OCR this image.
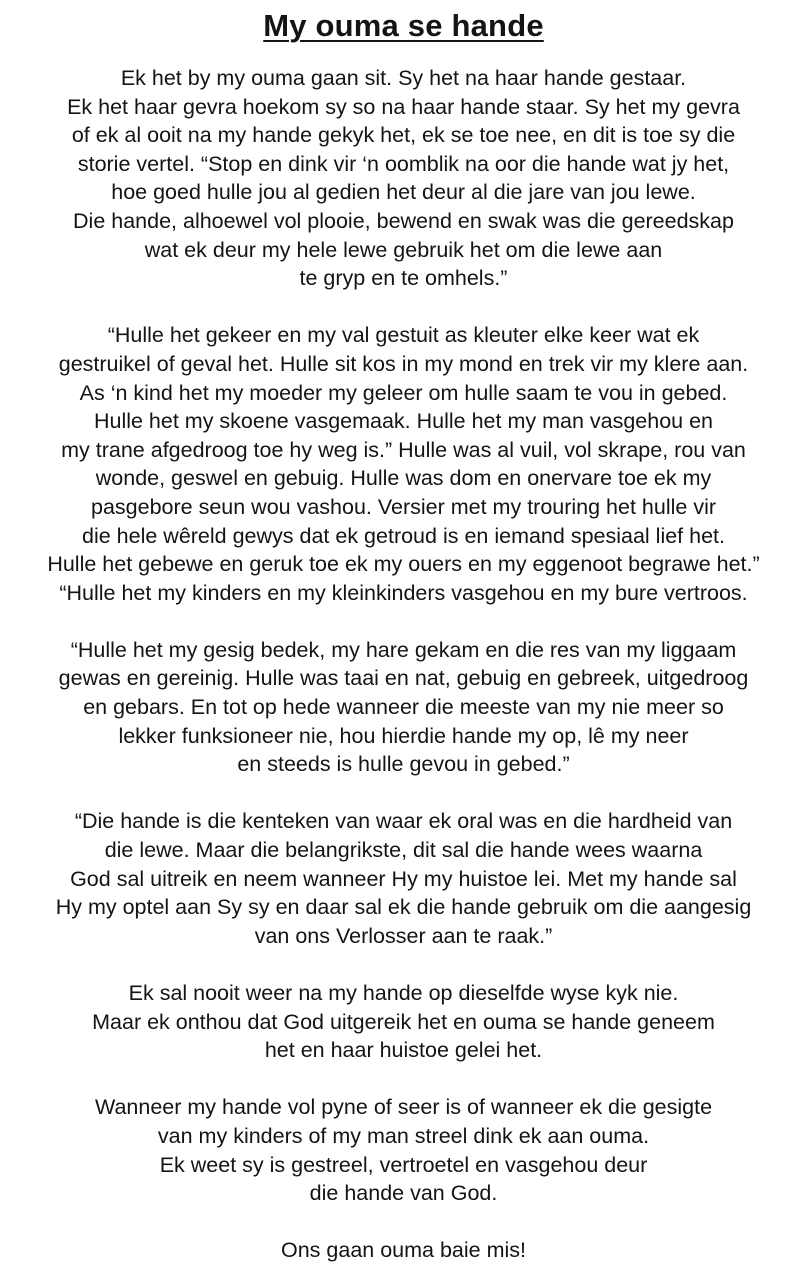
My ouma se hande

Ek het by my ouma gaan sit. Sy het na haar hande gestaar.
Ek het haar gevra hoekom sy so na haar hande staar. Sy het my gevra
of ek al ooit na my hande gekyk het, ek se toe nee, en dit is toe sy die
storie vertel. “Stop en dink vir ‘n oomblik na oor die hande wat jy het,
hoe goed hulle jou al gedien het deur al die jare van jou lewe.
Die hande, alhoewel vol plooie, bewend en swak was die gereedskap
wat ek deur my hele lewe gebruik het om die lewe aan
te gryp en te omhels.”

“Hulle het gekeer en my val gestuit as kleuter elke keer wat ek
gestruikel of geval het. Hulle sit kos in my mond en trek vir my klere aan.
As ‘n kind het my moeder my geleer om hulle saam te vou in gebed.
Hulle het my skoene vasgemaak. Hulle het my man vasgehou en
my trane afgedroog toe hy weg is.” Hulle was al vuil, vol skrape, rou van
wonde, geswel en gebuig. Hulle was dom en onervare toe ek my
pasgebore seun wou vashou. Versier met my trouring het hulle vir
die hele wêreld gewys dat ek getroud is en iemand spesiaal lief het.
Hulle het gebewe en geruk toe ek my ouers en my eggenoot begrawe het.”
“Hulle het my kinders en my kleinkinders vasgehou en my bure vertroos.

“Hulle het my gesig bedek, my hare gekam en die res van my liggaam
gewas en gereinig. Hulle was taai en nat, gebuig en gebreek, uitgedroog
en gebars. En tot op hede wanneer die meeste van my nie meer so
lekker funksioneer nie, hou hierdie hande my op, lê my neer
en steeds is hulle gevou in gebed.”

“Die hande is die kenteken van waar ek oral was en die hardheid van
die lewe. Maar die belangrikste, dit sal die hande wees waarna
God sal uitreik en neem wanneer Hy my huistoe lei. Met my hande sal
Hy my optel aan Sy sy en daar sal ek die hande gebruik om die aangesig
van ons Verlosser aan te raak.”

Ek sal nooit weer na my hande op dieselfde wyse kyk nie.
Maar ek onthou dat God uitgereik het en ouma se hande geneem
het en haar huistoe gelei het.

Wanneer my hande vol pyne of seer is of wanneer ek die gesigte
van my kinders of my man streel dink ek aan ouma.
Ek weet sy is gestreel, vertroetel en vasgehou deur
die hande van God.

Ons gaan ouma baie mis!
